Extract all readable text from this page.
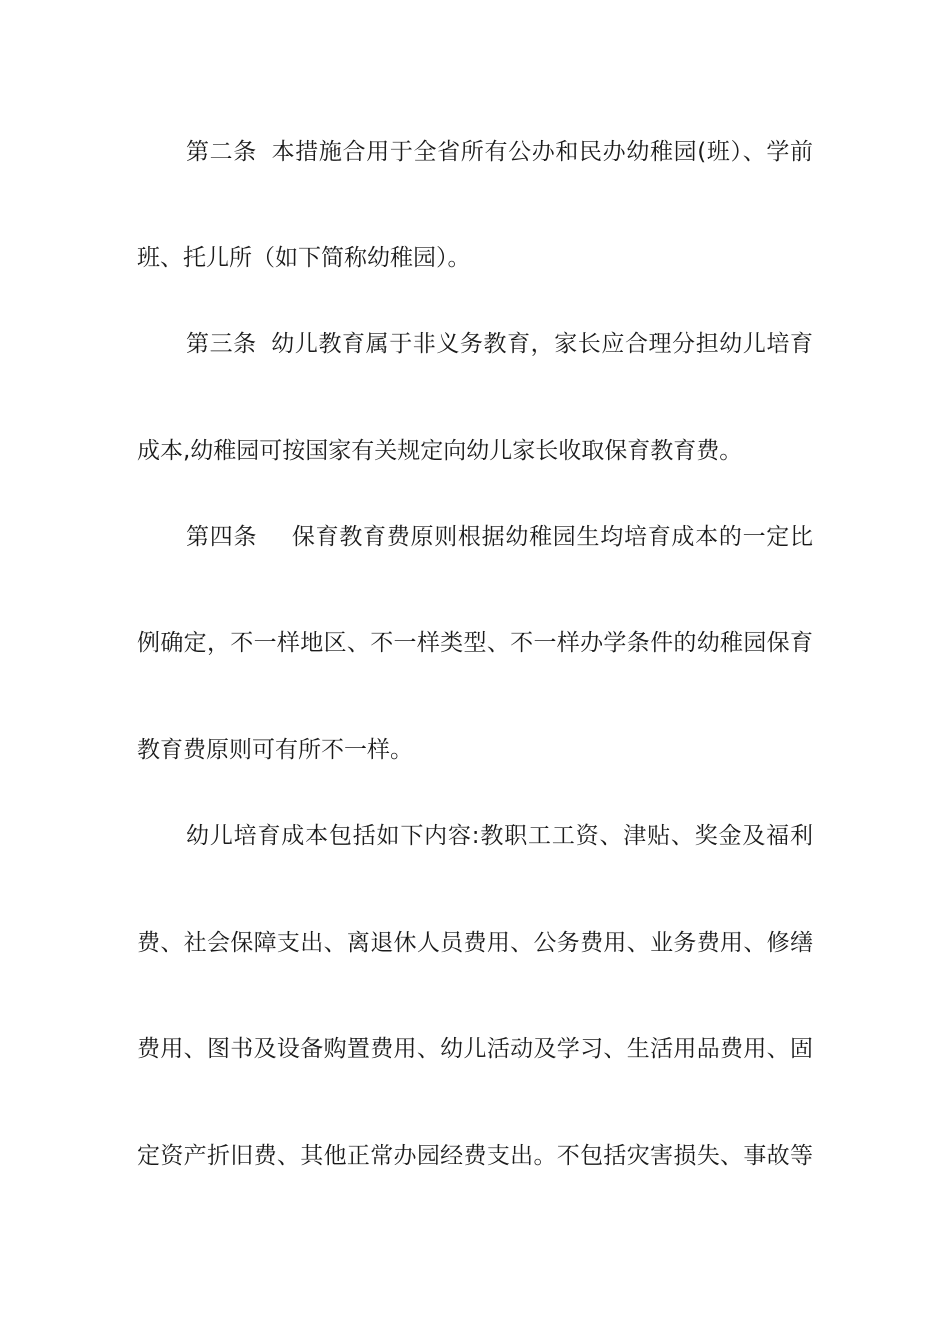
第二条 本措施合用于全省所有公办和民办幼稚园(班）、学前
班、托儿所（如下简称幼稚园）。
第三条 幼儿教育属于非义务教育，家长应合理分担幼儿培育
成本,幼稚园可按国家有关规定向幼儿家长收取保育教育费。
第四条 保育教育费原则根据幼稚园生均培育成本的一定比
例确定，不一样地区、不一样类型、不一样办学条件的幼稚园保育
教育费原则可有所不一样。
幼儿培育成本包括如下内容:教职工工资、津贴、奖金及福利
费、社会保障支出、离退休人员费用、公务费用、业务费用、修缮
费用、图书及设备购置费用、幼儿活动及学习、生活用品费用、固
定资产折旧费、其他正常办园经费支出。不包括灾害损失、事故等
